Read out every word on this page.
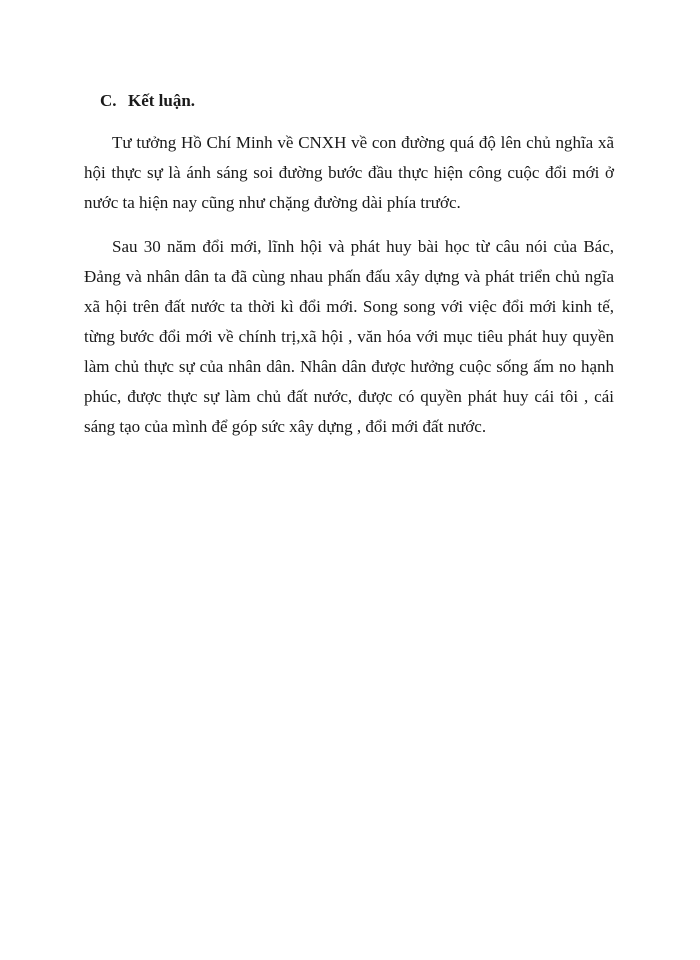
C. Kết luận.

Tư tưởng Hồ Chí Minh về CNXH về con đường quá độ lên chủ nghĩa xã hội thực sự là ánh sáng soi đường bước đầu thực hiện công cuộc đổi mới ở nước ta hiện nay cũng như chặng đường dài phía trước.

Sau 30 năm đổi mới, lĩnh hội và phát huy bài học từ câu nói của Bác, Đảng và nhân dân ta đã cùng nhau phấn đấu xây dựng và phát triển chủ ngĩa xã hội trên đất nước ta thời kì đổi mới. Song song với việc đổi mới kinh tế, từng bước đổi mới về chính trị,xã hội , văn hóa với mục tiêu phát huy quyền làm chủ thực sự của nhân dân. Nhân dân được hưởng cuộc sống ấm no hạnh phúc, được thực sự làm chủ đất nước, được có quyền phát huy cái tôi , cái sáng tạo của mình để góp sức xây dựng , đổi mới đất nước.
